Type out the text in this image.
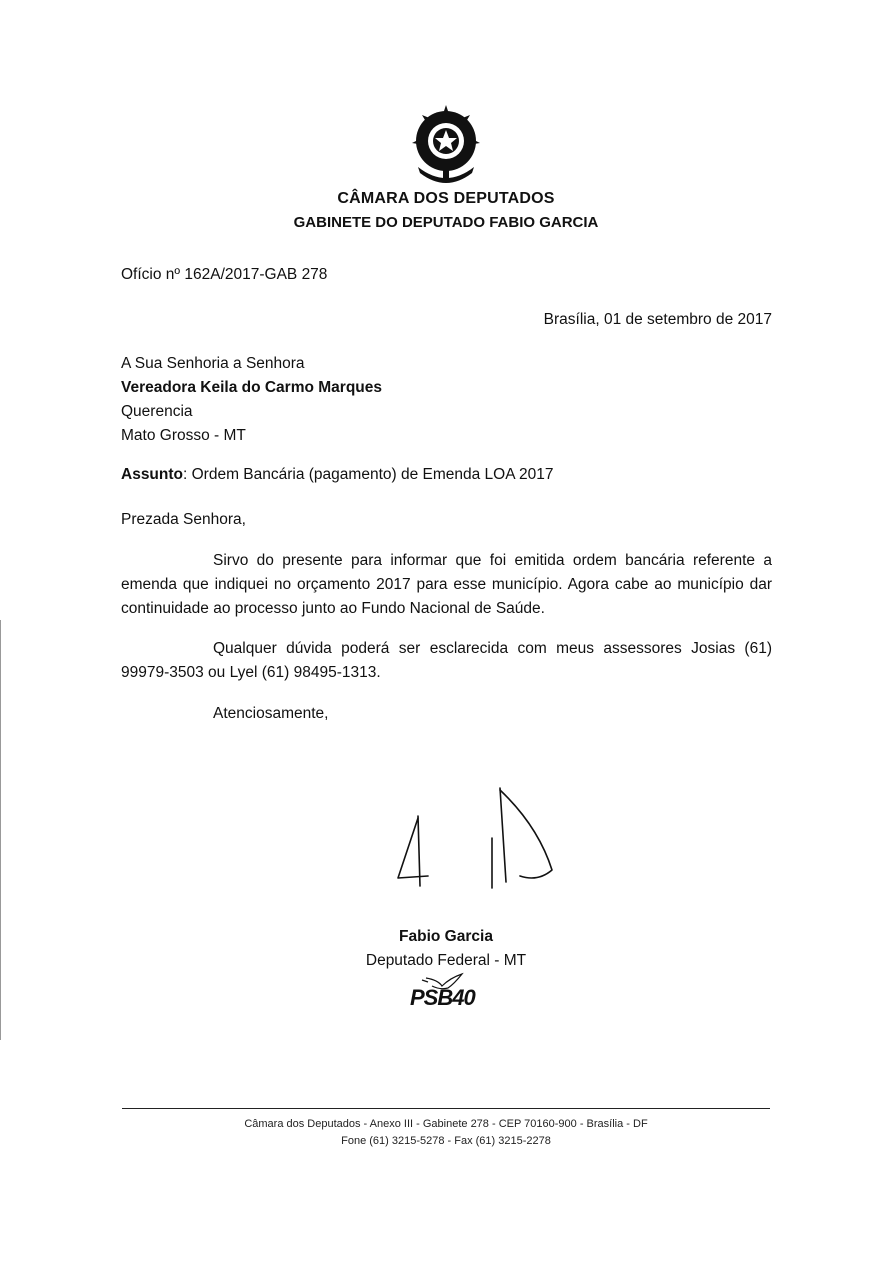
CÂMARA DOS DEPUTADOS
GABINETE DO DEPUTADO FABIO GARCIA
Ofício nº 162A/2017-GAB 278
Brasília, 01 de setembro de 2017
A Sua Senhoria a Senhora
Vereadora Keila do Carmo Marques
Querencia
Mato Grosso - MT
Assunto: Ordem Bancária (pagamento) de Emenda LOA 2017
Prezada Senhora,
Sirvo do presente para informar que foi emitida ordem bancária referente a emenda que indiquei no orçamento 2017 para esse município. Agora cabe ao município dar continuidade ao processo junto ao Fundo Nacional de Saúde.
Qualquer dúvida poderá ser esclarecida com meus assessores Josias (61) 99979-3503 ou Lyel (61) 98495-1313.
Atenciosamente,
Fabio Garcia
Deputado Federal - MT
PSB40
Câmara dos Deputados - Anexo III - Gabinete 278 - CEP 70160-900 - Brasília - DF
Fone (61) 3215-5278 - Fax (61) 3215-2278
